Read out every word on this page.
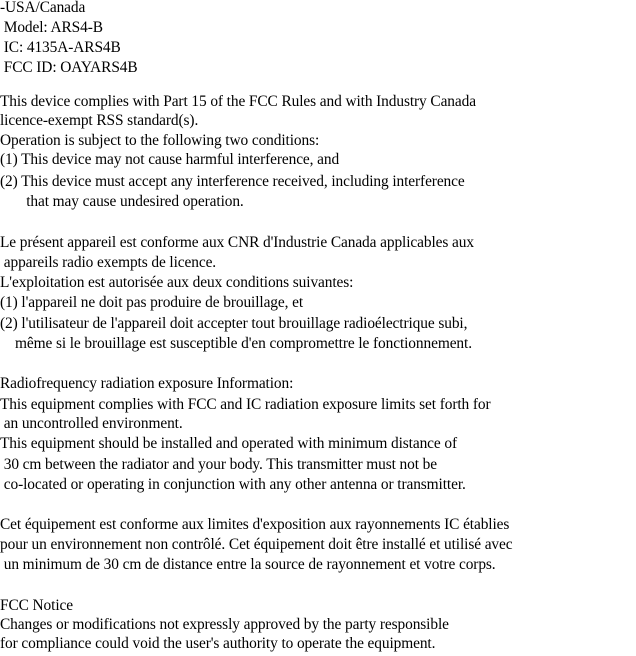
-USA/Canada
Model: ARS4-B
IC: 4135A-ARS4B
FCC ID: OAYARS4B
This device complies with Part 15 of the FCC Rules and with Industry Canada
licence-exempt RSS standard(s).
Operation is subject to the following two conditions:
(1) This device may not cause harmful interference, and
(2) This device must accept any interference received, including interference
that may cause undesired operation.
Le présent appareil est conforme aux CNR d'Industrie Canada applicables aux
appareils radio exempts de licence.
L'exploitation est autorisée aux deux conditions suivantes:
(1) l'appareil ne doit pas produire de brouillage, et
(2) l'utilisateur de l'appareil doit accepter tout brouillage radioélectrique subi,
même si le brouillage est susceptible d'en compromettre le fonctionnement.
Radiofrequency radiation exposure Information:
This equipment complies with FCC and IC radiation exposure limits set forth for
an uncontrolled environment.
This equipment should be installed and operated with minimum distance of
30 cm between the radiator and your body. This transmitter must not be
co-located or operating in conjunction with any other antenna or transmitter.
Cet équipement est conforme aux limites d'exposition aux rayonnements IC établies
pour un environnement non contrôlé. Cet équipement doit être installé et utilisé avec
un minimum de 30 cm de distance entre la source de rayonnement et votre corps.
FCC Notice
Changes or modifications not expressly approved by the party responsible
for compliance could void the user's authority to operate the equipment.
